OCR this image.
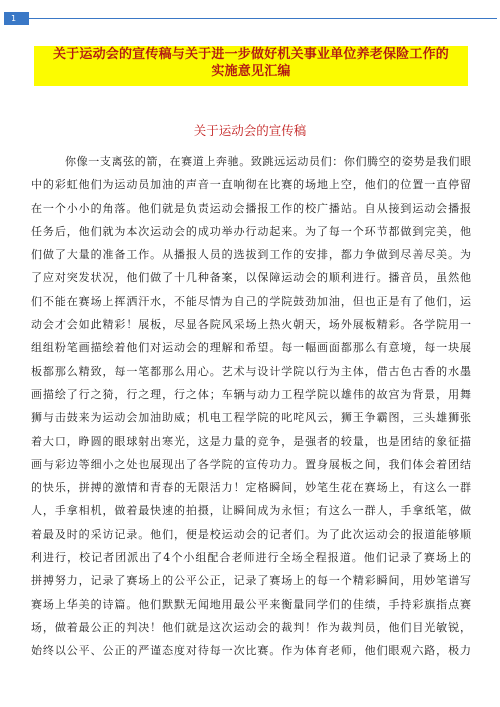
1
关于运动会的宣传稿与关于进一步做好机关事业单位养老保险工作的
实施意见汇编
关于运动会的宣传稿
你像一支离弦的箭，在赛道上奔驰。致跳远运动员们：你们腾空的姿势是我们眼
中的彩虹他们为运动员加油的声音一直响彻在比赛的场地上空，他们的位置一直停留
在一个小小的角落。他们就是负责运动会播报工作的校广播站。自从接到运动会播报
任务后，他们就为本次运动会的成功举办行动起来。为了每一个环节都做到完美，他
们做了大量的准备工作。从播报人员的选拔到工作的安排，都力争做到尽善尽美。为
了应对突发状况，他们做了十几种备案，以保障运动会的顺利进行。播音员，虽然他
们不能在赛场上挥洒汗水，不能尽情为自己的学院鼓劲加油，但也正是有了他们，运
动会才会如此精彩！展板，尽显各院风采场上热火朝天，场外展板精彩。各学院用一
组组粉笔画描绘着他们对运动会的理解和希望。每一幅画面都那么有意境，每一块展
板都那么精致，每一笔都那么用心。艺术与设计学院以行为主体，借古色古香的水墨
画描绘了行之猗，行之理，行之体；车辆与动力工程学院以雄伟的故宫为背景，用舞
狮与击鼓来为运动会加油助威；机电工程学院的叱咤风云，狮王争霸图，三头雄狮张
着大口，睁圆的眼球射出寒光，这是力量的竞争，是强者的较量，也是团结的象征描
画与彩边等细小之处也展现出了各学院的宣传功力。置身展板之间，我们体会着团结
的快乐，拼搏的激情和青春的无限活力！定格瞬间，妙笔生花在赛场上，有这么一群
人，手拿相机，做着最快速的拍摄，让瞬间成为永恒；有这么一群人，手拿纸笔，做
着最及时的采访记录。他们，便是校运动会的记者们。为了此次运动会的报道能够顺
利进行，校记者团派出了4个小组配合老师进行全场全程报道。他们记录了赛场上的
拼搏努力，记录了赛场上的公平公正，记录了赛场上的每一个精彩瞬间，用妙笔谱写
赛场上华美的诗篇。他们默默无闻地用最公平来衡量同学们的佳绩，手持彩旗指点赛
场，做着最公正的判决！他们就是这次运动会的裁判！作为裁判员，他们目光敏锐，
始终以公平、公正的严谨态度对待每一次比赛。作为体育老师，他们眼观六路，极力
